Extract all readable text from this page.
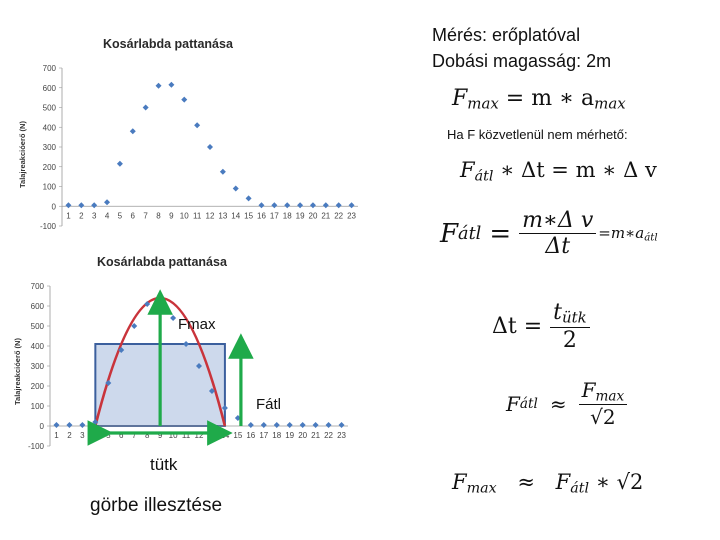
Kosárlabda pattanása
Talajreakcióerő (N)
-100
0
100
200
300
400
500
600
700
1 2 3 4 5 6 7 8 9 10 11 12 13 14 15 16 17 18 19 20 21 22 23
Kosárlabda pattanása
Talajreakcióerő (N)
-100
0
100
200
300
400
500
600
700
1 2 3 4 5 6 7 8 9 10 11 12 13 14 15 16 17 18 19 20 21 22 23
Fmax
Fátl
tütk
görbe illesztése
Mérés: erőplatóval
Dobási magasság: 2m
$F_{max} = m$ ∗ $a_{max}$
Ha F közvetlenül nem mérhető:
$F_{átl}$ ∗ Δt = m ∗ Δ v
F átl = $\frac{\text{m∗Δ v}}{\Delta t}$ $=m∗a_{átl}$
$\Delta t = \frac{t_{ütk}}{2}$
F átl ≈ $\frac{F_{max}}{√2}$
$F_{max} \approx F_{átl}$ ∗ √2
